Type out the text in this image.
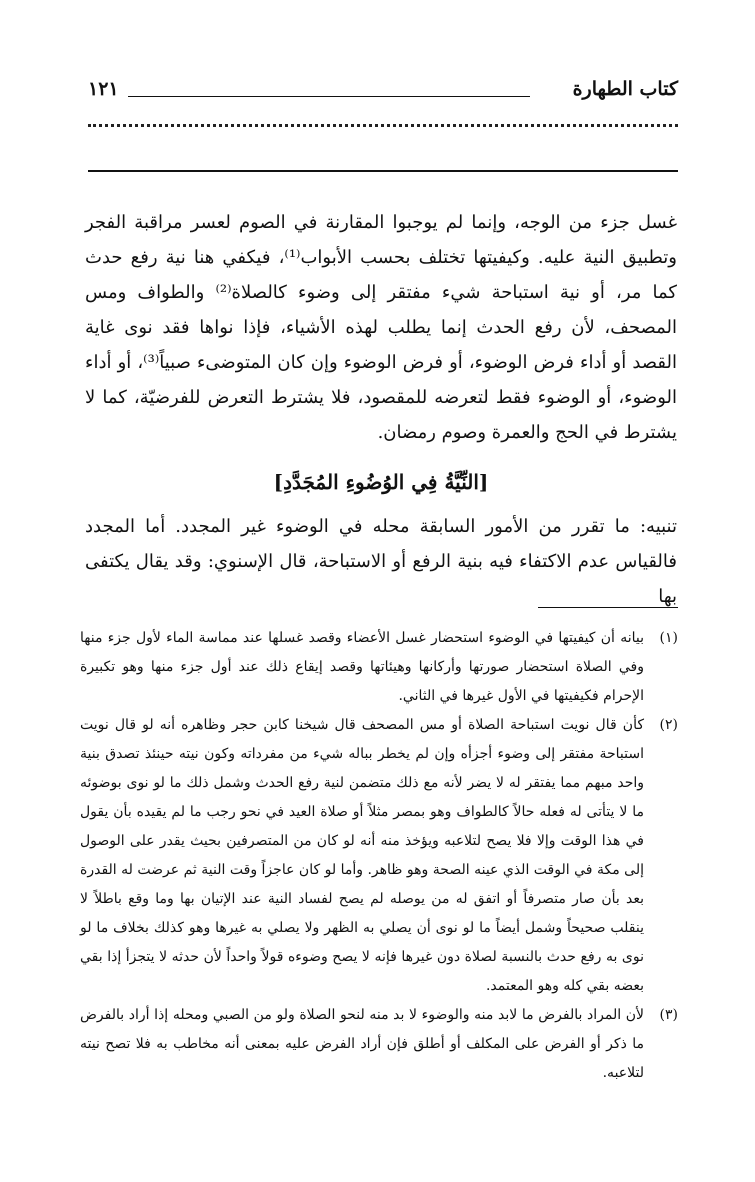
كتاب الطهارة
١٢١

غسل جزء من الوجه، وإنما لم يوجبوا المقارنة في الصوم لعسر مراقبة الفجر وتطبيق النية عليه. وكيفيتها تختلف بحسب الأبواب⁽¹⁾، فيكفي هنا نية رفع حدث كما مر، أو نية استباحة شيء مفتقر إلى وضوء كالصلاة⁽²⁾ والطواف ومس المصحف، لأن رفع الحدث إنما يطلب لهذه الأشياء، فإذا نواها فقد نوى غاية القصد أو أداء فرض الوضوء، أو فرض الوضوء وإن كان المتوضىء صبياً⁽³⁾، أو أداء الوضوء، أو الوضوء فقط لتعرضه للمقصود، فلا يشترط التعرض للفرضيّة، كما لا يشترط في الحج والعمرة وصوم رمضان.

[النِّيَّةُ فِي الوُضُوءِ المُجَدَّدِ]

تنبيه: ما تقرر من الأمور السابقة محله في الوضوء غير المجدد. أما المجدد فالقياس عدم الاكتفاء فيه بنية الرفع أو الاستباحة، قال الإسنوي: وقد يقال يكتفى بها

(١)
بيانه أن كيفيتها في الوضوء استحضار غسل الأعضاء وقصد غسلها عند مماسة الماء لأول جزء منها وفي الصلاة استحضار صورتها وأركانها وهيئاتها وقصد إيقاع ذلك عند أول جزء منها وهو تكبيرة الإحرام فكيفيتها في الأول غيرها في الثاني.
(٢)
كأن قال نويت استباحة الصلاة أو مس المصحف قال شيخنا كابن حجر وظاهره أنه لو قال نويت استباحة مفتقر إلى وضوء أجزأه وإن لم يخطر بباله شيء من مفرداته وكون نيته حينئذ تصدق بنية واحد مبهم مما يفتقر له لا يضر لأنه مع ذلك متضمن لنية رفع الحدث وشمل ذلك ما لو نوى بوضوئه ما لا يتأتى له فعله حالاً كالطواف وهو بمصر مثلاً أو صلاة العيد في نحو رجب ما لم يقيده بأن يقول في هذا الوقت وإلا فلا يصح لتلاعبه ويؤخذ منه أنه لو كان من المتصرفين بحيث يقدر على الوصول إلى مكة في الوقت الذي عينه الصحة وهو ظاهر. وأما لو كان عاجزاً وقت النية ثم عرضت له القدرة بعد بأن صار متصرفاً أو اتفق له من يوصله لم يصح لفساد النية عند الإتيان بها وما وقع باطلاً لا ينقلب صحيحاً وشمل أيضاً ما لو نوى أن يصلي به الظهر ولا يصلي به غيرها وهو كذلك بخلاف ما لو نوى به رفع حدث بالنسبة لصلاة دون غيرها فإنه لا يصح وضوءه قولاً واحداً لأن حدثه لا يتجزأ إذا بقي بعضه بقي كله وهو المعتمد.
(٣)
لأن المراد بالفرض ما لابد منه والوضوء لا بد منه لنحو الصلاة ولو من الصبي ومحله إذا أراد بالفرض ما ذكر أو الفرض على المكلف أو أطلق فإن أراد الفرض عليه بمعنى أنه مخاطب به فلا تصح نيته لتلاعبه.
